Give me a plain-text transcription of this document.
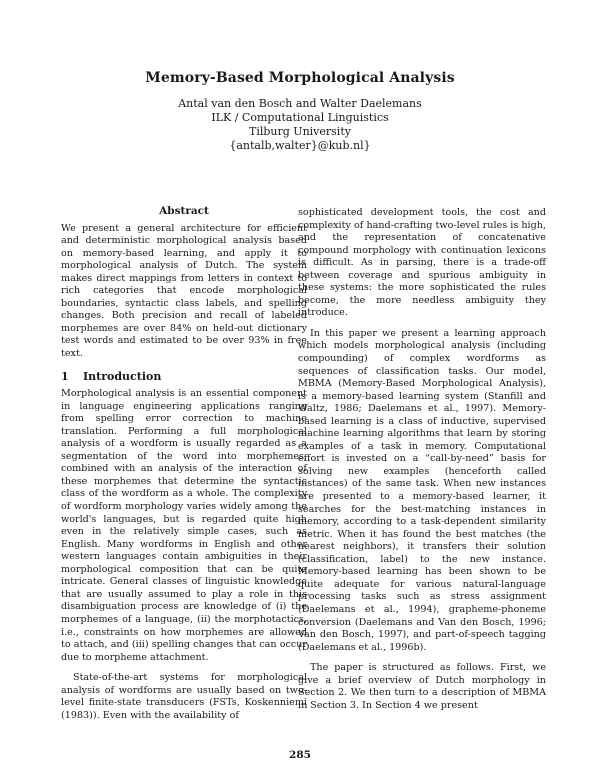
Memory-Based Morphological Analysis
Antal van den Bosch and Walter Daelemans
ILK / Computational Linguistics
Tilburg University
{antalb,walter}@kub.nl}
Abstract

We present a general architecture for efficient and deterministic morphological analysis based on memory-based learning, and apply it to morphological analysis of Dutch. The system makes direct mappings from letters in context to rich categories that encode morphological boundaries, syntactic class labels, and spelling changes. Both precision and recall of labeled morphemes are over 84% on held-out dictionary test words and estimated to be over 93% in free text.

1 Introduction

Morphological analysis is an essential component in language engineering applications ranging from spelling error correction to machine translation. Performing a full morphological analysis of a wordform is usually regarded as a segmentation of the word into morphemes, combined with an analysis of the interaction of these morphemes that determine the syntactic class of the wordform as a whole. The complexity of wordform morphology varies widely among the world's languages, but is regarded quite high even in the relatively simple cases, such as English. Many wordforms in English and other western languages contain ambiguities in their morphological composition that can be quite intricate. General classes of linguistic knowledge that are usually assumed to play a role in this disambiguation process are knowledge of (i) the morphemes of a language, (ii) the morphotactics, i.e., constraints on how morphemes are allowed to attach, and (iii) spelling changes that can occur due to morpheme attachment.

State-of-the-art systems for morphological analysis of wordforms are usually based on two-level finite-state transducers (FSTs, Koskenniemi (1983)). Even with the availability of

sophisticated development tools, the cost and complexity of hand-crafting two-level rules is high, and the representation of concatenative compound morphology with continuation lexicons is difficult. As in parsing, there is a trade-off between coverage and spurious ambiguity in these systems: the more sophisticated the rules become, the more needless ambiguity they introduce.

In this paper we present a learning approach which models morphological analysis (including compounding) of complex wordforms as sequences of classification tasks. Our model, MBMA (Memory-Based Morphological Analysis), is a memory-based learning system (Stanfill and Waltz, 1986; Daelemans et al., 1997). Memory-based learning is a class of inductive, supervised machine learning algorithms that learn by storing examples of a task in memory. Computational effort is invested on a “call-by-need” basis for solving new examples (henceforth called instances) of the same task. When new instances are presented to a memory-based learner, it searches for the best-matching instances in memory, according to a task-dependent similarity metric. When it has found the best matches (the nearest neighbors), it transfers their solution (classification, label) to the new instance. Memory-based learning has been shown to be quite adequate for various natural-language processing tasks such as stress assignment (Daelemans et al., 1994), grapheme-phoneme conversion (Daelemans and Van den Bosch, 1996; Van den Bosch, 1997), and part-of-speech tagging (Daelemans et al., 1996b).

The paper is structured as follows. First, we give a brief overview of Dutch morphology in Section 2. We then turn to a description of MBMA in Section 3. In Section 4 we present

285
